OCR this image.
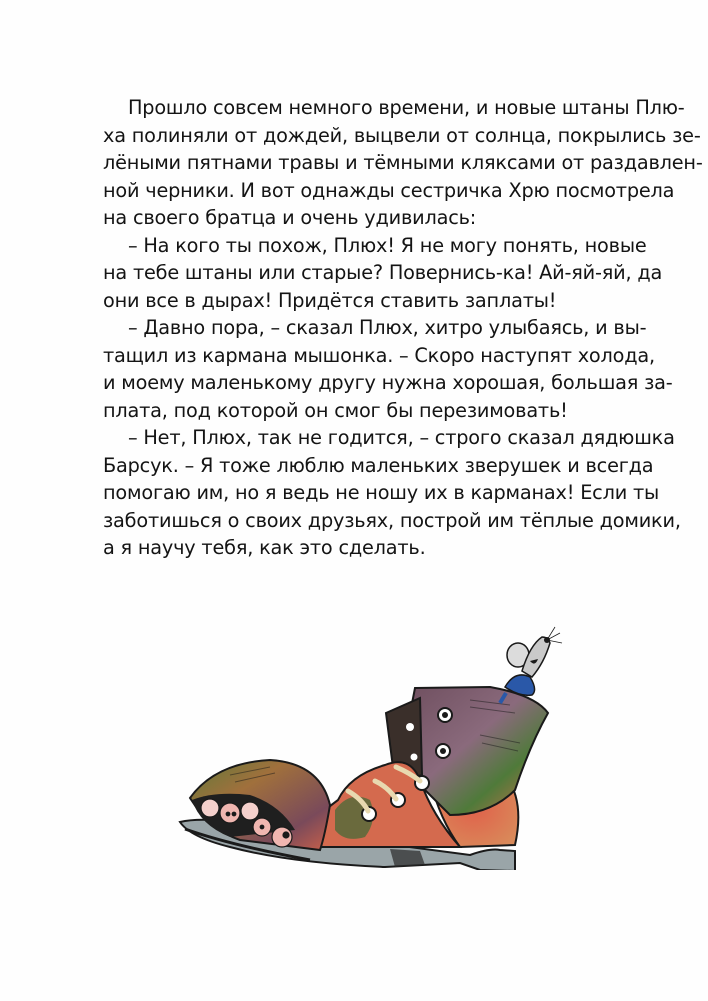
Прошло совсем немного времени, и новые штаны Плю-
ха полиняли от дождей, выцвели от солнца, покрылись зе-
лёными пятнами травы и тёмными кляксами от раздавлен-
ной черники. И вот однажды сестричка Хрю посмотрела
на своего братца и очень удивилась:
– На кого ты похож, Плюх! Я не могу понять, новые
на тебе штаны или старые? Повернись-ка! Ай-яй-яй, да
они все в дырах! Придётся ставить заплаты!
– Давно пора, – сказал Плюх, хитро улыбаясь, и вы-
тащил из кармана мышонка. – Скоро наступят холода,
и моему маленькому другу нужна хорошая, большая за-
плата, под которой он смог бы перезимовать!
– Нет, Плюх, так не годится, – строго сказал дядюшка
Барсук. – Я тоже люблю маленьких зверушек и всегда
помогаю им, но я ведь не ношу их в карманах! Если ты
заботишься о своих друзьях, построй им тёплые домики,
а я научу тебя, как это сделать.
